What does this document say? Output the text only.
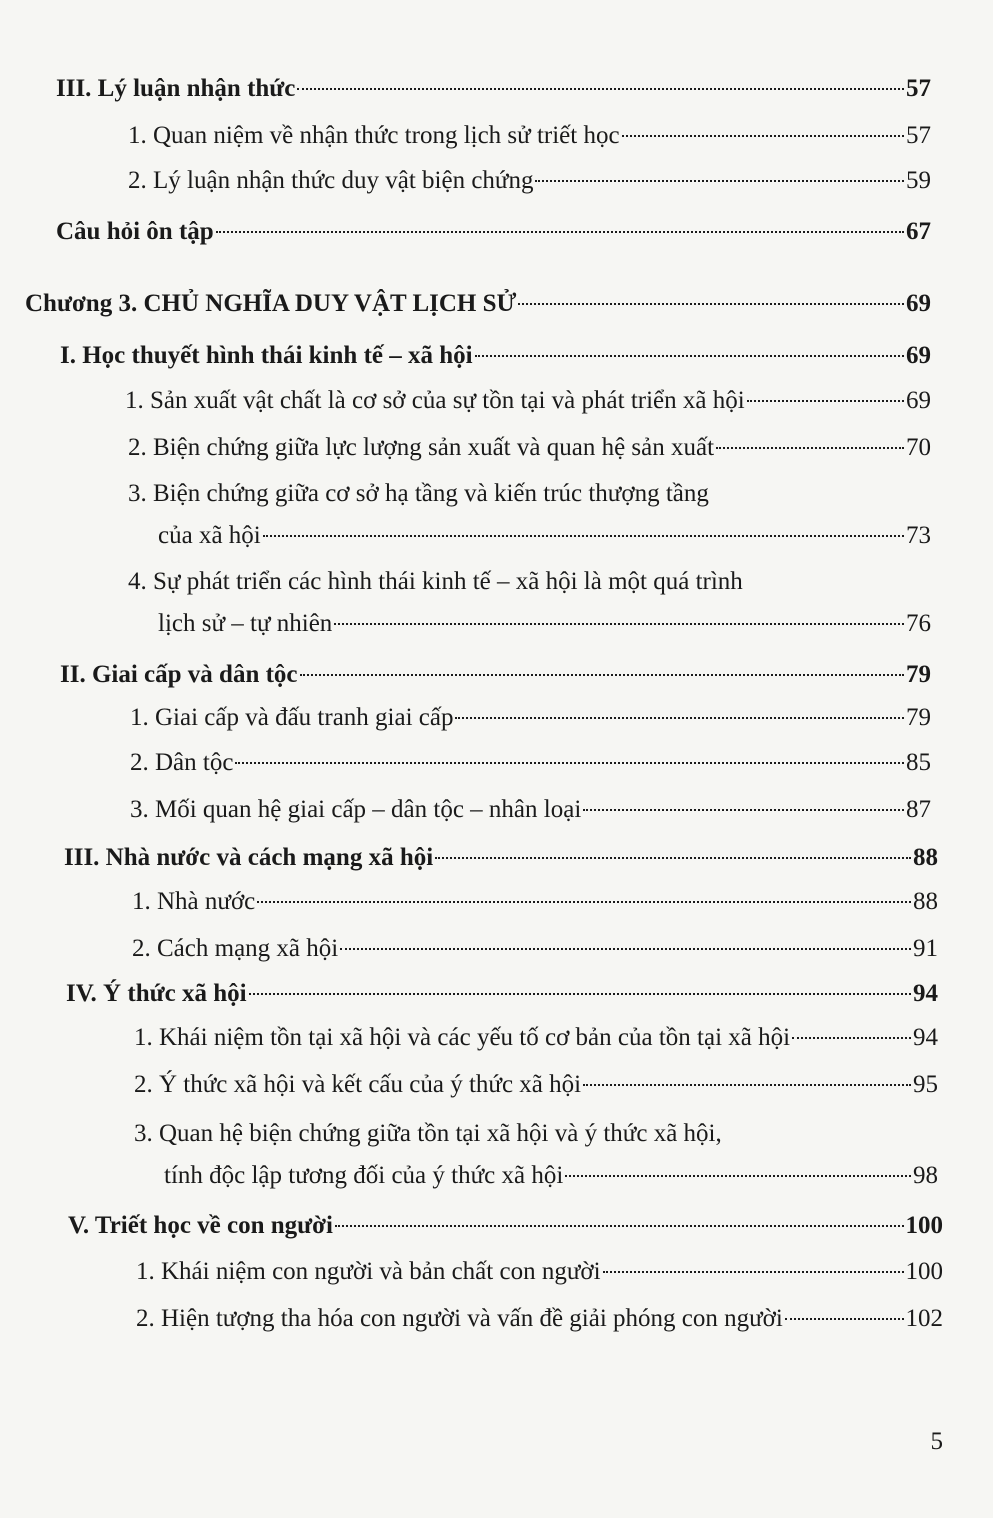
III. Lý luận nhận thức	57
1. Quan niệm về nhận thức trong lịch sử triết học	57
2. Lý luận nhận thức duy vật biện chứng	59
Câu hỏi ôn tập	67
Chương 3. CHỦ NGHĨA DUY VẬT LỊCH SỬ	69
I. Học thuyết hình thái kinh tế – xã hội	69
1. Sản xuất vật chất là cơ sở của sự tồn tại và phát triển xã hội	69
2. Biện chứng giữa lực lượng sản xuất và quan hệ sản xuất	70
3. Biện chứng giữa cơ sở hạ tầng và kiến trúc thượng tầng
của xã hội	73
4. Sự phát triển các hình thái kinh tế – xã hội là một quá trình
lịch sử – tự nhiên	76
II. Giai cấp và dân tộc	79
1. Giai cấp và đấu tranh giai cấp	79
2. Dân tộc	85
3. Mối quan hệ giai cấp – dân tộc – nhân loại	87
III. Nhà nước và cách mạng xã hội	88
1. Nhà nước	88
2. Cách mạng xã hội	91
IV. Ý thức xã hội	94
1. Khái niệm tồn tại xã hội và các yếu tố cơ bản của tồn tại xã hội	94
2. Ý thức xã hội và kết cấu của ý thức xã hội	95
3. Quan hệ biện chứng giữa tồn tại xã hội và ý thức xã hội,
tính độc lập tương đối của ý thức xã hội	98
V. Triết học về con người	100
1. Khái niệm con người và bản chất con người	100
2. Hiện tượng tha hóa con người và vấn đề giải phóng con người	102
5
